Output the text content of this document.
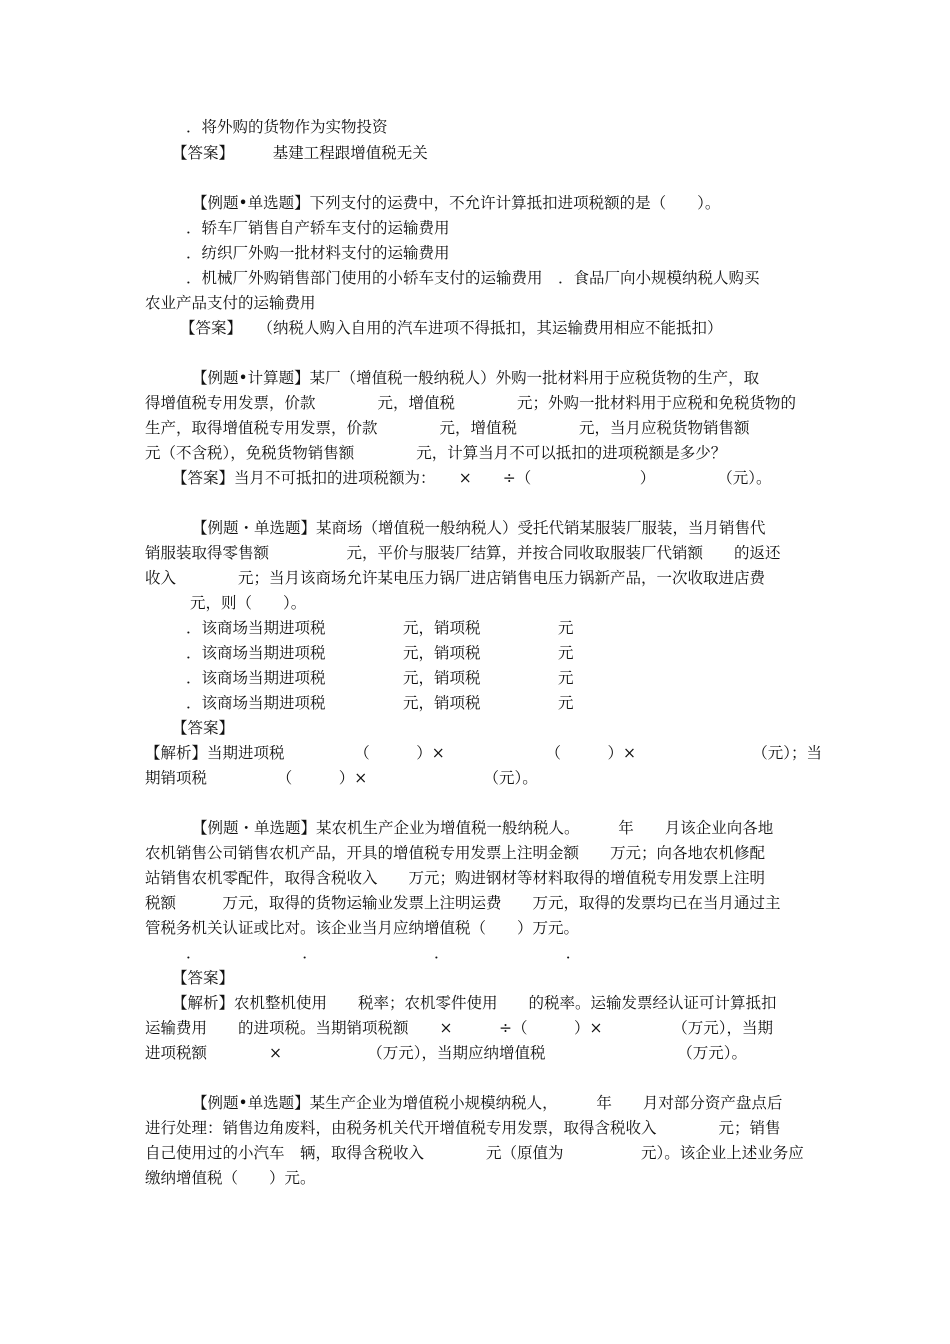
．将外购的货物作为实物投资
【答案】　　　基建工程跟增值税无关
【例题•单选题】下列支付的运费中，不允许计算抵扣进项税额的是（　　）。
．轿车厂销售自产轿车支付的运输费用
．纺织厂外购一批材料支付的运输费用
．机械厂外购销售部门使用的小轿车支付的运输费用　．食品厂向小规模纳税人购买
农业产品支付的运输费用
【答案】　　（纳税人购入自用的汽车进项不得抵扣，其运输费用相应不能抵扣）
【例题•计算题】某厂（增值税一般纳税人）外购一批材料用于应税货物的生产，取
得增值税专用发票，价款　　　　元，增值税　　　　元；外购一批材料用于应税和免税货物的
生产，取得增值税专用发票，价款　　　　元，增值税　　　　元，当月应税货物销售额
元（不含税），免税货物销售额　　　　元，计算当月不可以抵扣的进项税额是多少？
【答案】当月不可抵扣的进项税额为：　　×　　÷（　　　　　　　）　　　　　（元）。
【例题・单选题】某商场（增值税一般纳税人）受托代销某服装厂服装，当月销售代
销服装取得零售额　　　　　元，平价与服装厂结算，并按合同收取服装厂代销额　　的返还
收入　　　　元；当月该商场允许某电压力锅厂进店销售电压力锅新产品，一次收取进店费
元，则（　　）。
．该商场当期进项税　　　　　元，销项税　　　　　元
．该商场当期进项税　　　　　元，销项税　　　　　元
．该商场当期进项税　　　　　元，销项税　　　　　元
．该商场当期进项税　　　　　元，销项税　　　　　元
【答案】
【解析】当期进项税　　　　　（　　　）×　　　　　　　（　　　）×　　　　　　　　（元）；当
期销项税　　　　　（　　　）×　　　　　　　　（元）。
【例题・单选题】某农机生产企业为增值税一般纳税人。　　　年　　月该企业向各地
农机销售公司销售农机产品，开具的增值税专用发票上注明金额　　万元；向各地农机修配
站销售农机零配件，取得含税收入　　万元；购进钢材等材料取得的增值税专用发票上注明
税额　　　万元，取得的货物运输业发票上注明运费　　万元，取得的发票均已在当月通过主
管税务机关认证或比对。该企业当月应纳增值税（　　）万元。
．　　　　　　　．　　　　　　　　．　　　　　　　　．
【答案】
【解析】农机整机使用　　税率；农机零件使用　　的税率。运输发票经认证可计算抵扣
运输费用　　的进项税。当期销项税额　　×　　　÷（　　　）×　　　　　（万元），当期
进项税额　　　　×　　　　　　（万元），当期应纳增值税　　　　　　　　　（万元）。
【例题•单选题】某生产企业为增值税小规模纳税人，　　　年　　月对部分资产盘点后
进行处理：销售边角废料，由税务机关代开增值税专用发票，取得含税收入　　　　元；销售
自己使用过的小汽车　辆，取得含税收入　　　　元（原值为　　　　　元）。该企业上述业务应
缴纳增值税（　　）元。
